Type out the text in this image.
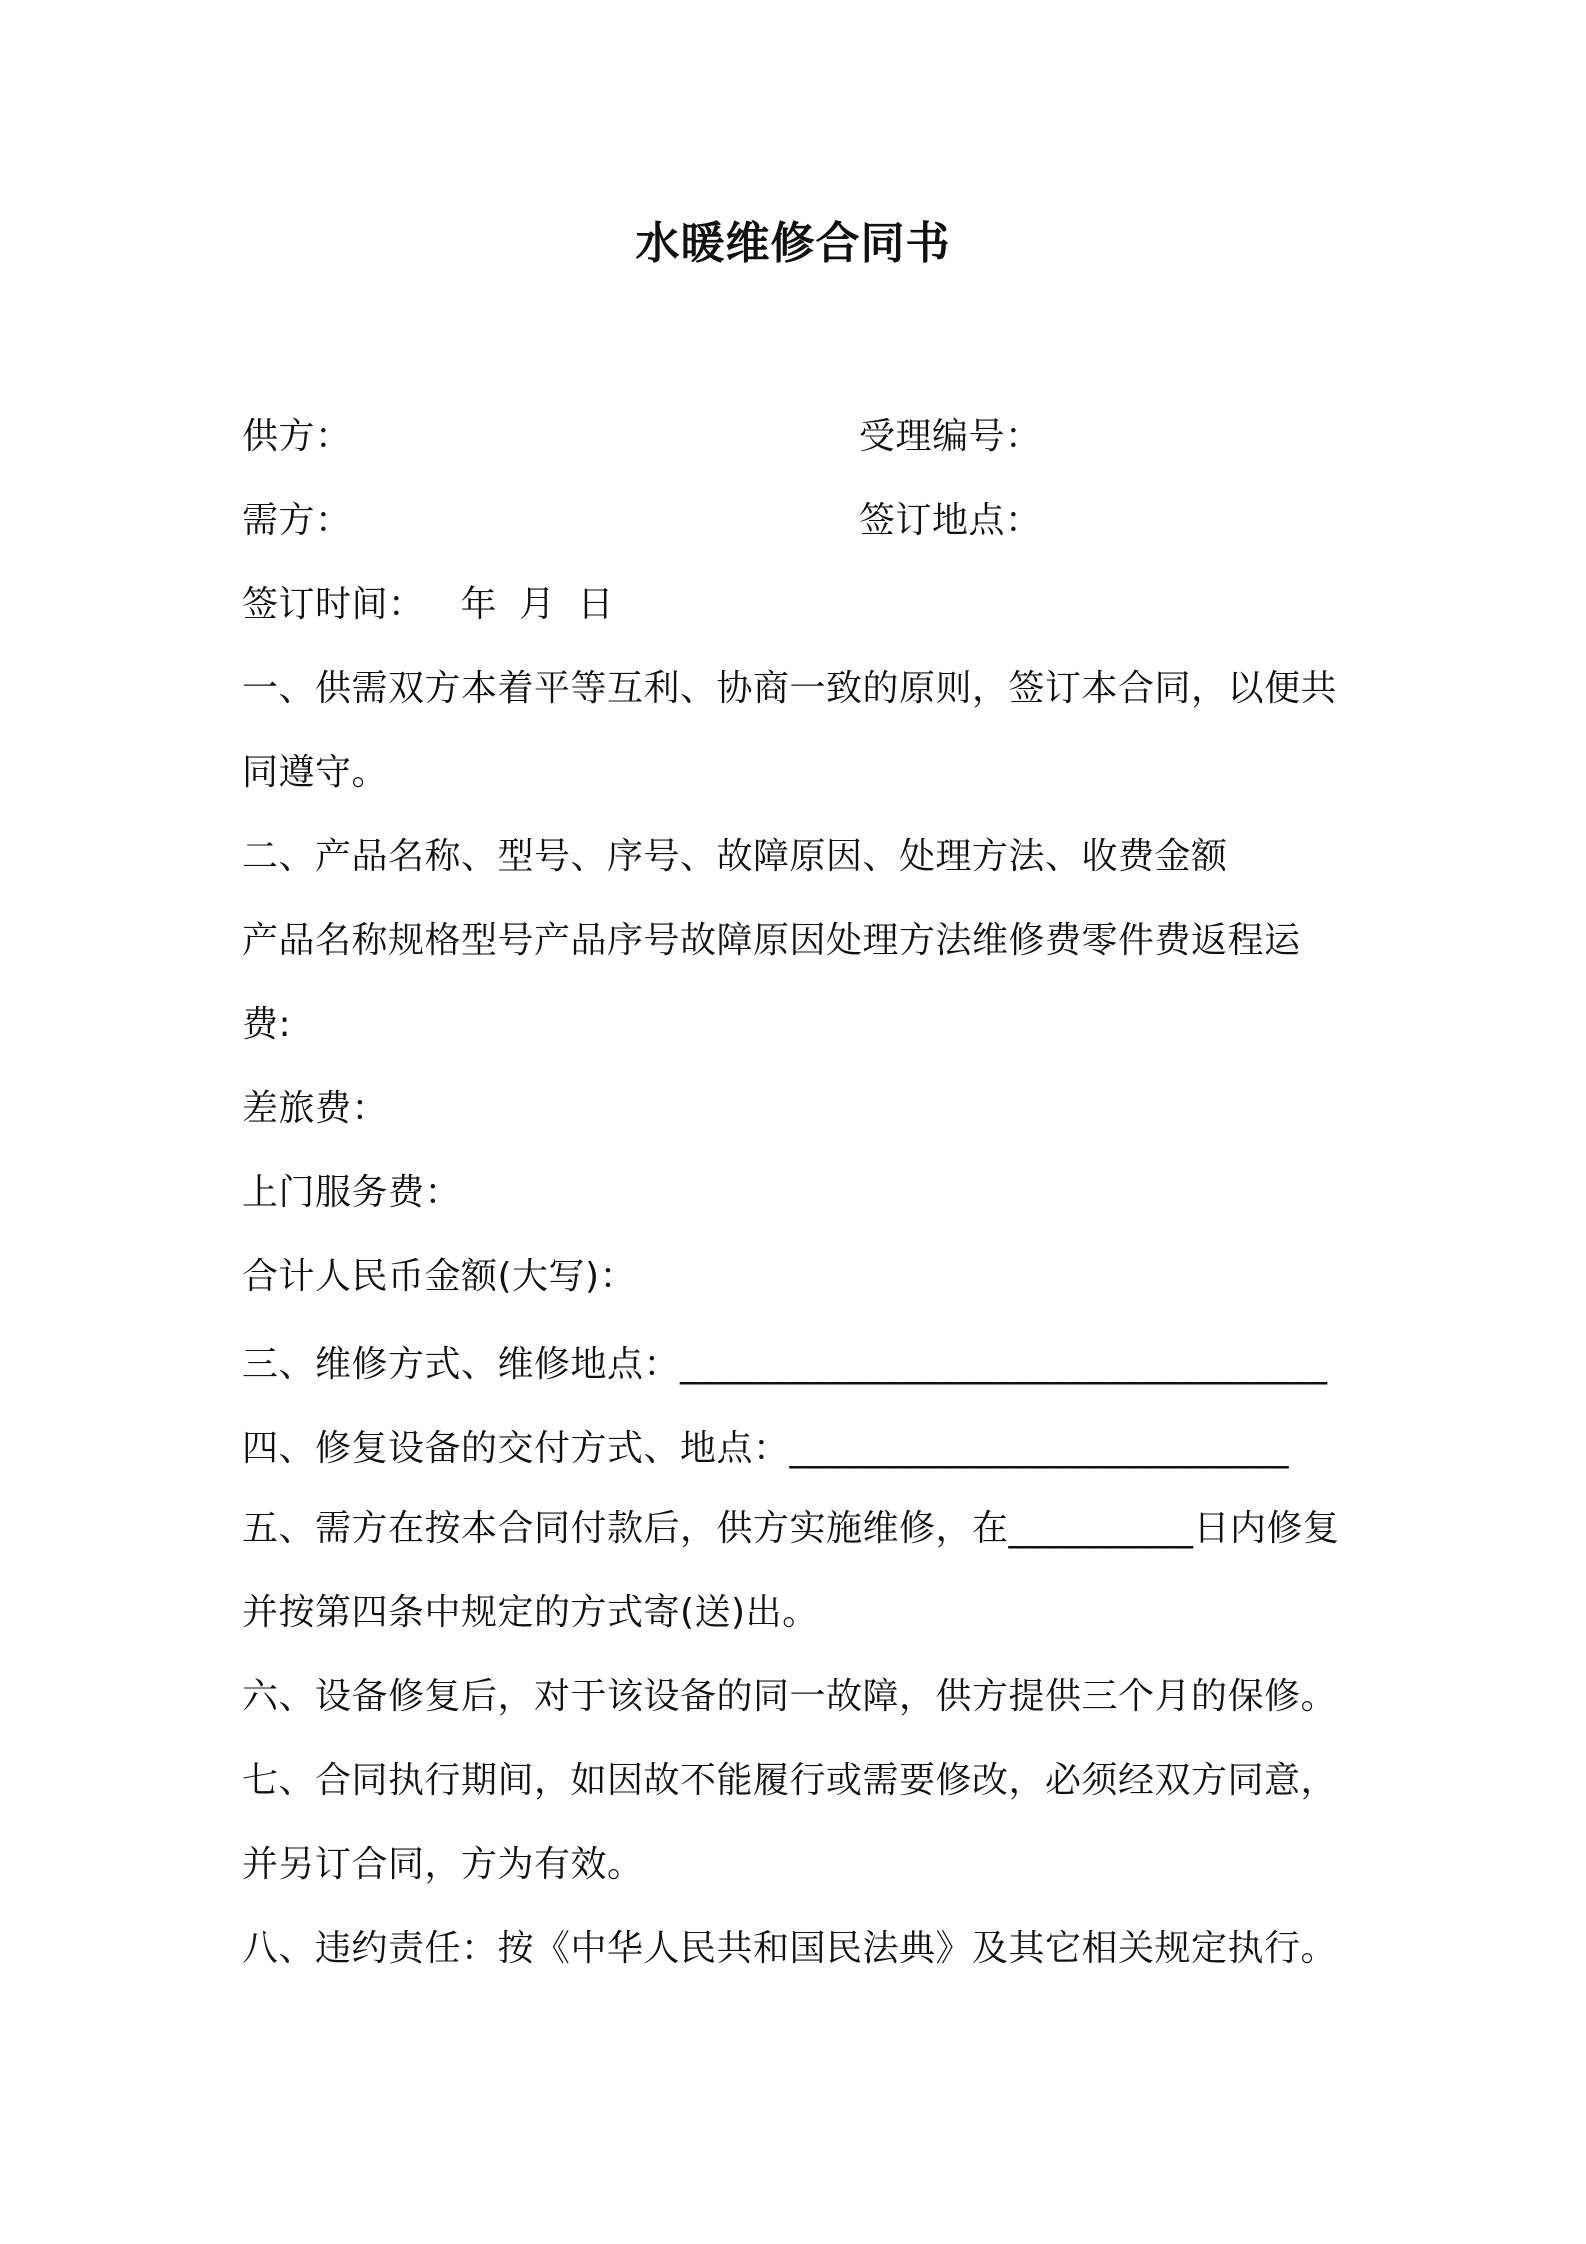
水暖维修合同书
供方：	受理编号：
需方：	签订地点：
签订时间： 年 月 日
一、供需双方本着平等互利、协商一致的原则，签订本合同，以便共
同遵守。
二、产品名称、型号、序号、故障原因、处理方法、收费金额
产品名称规格型号产品序号故障原因处理方法维修费零件费返程运
费:
差旅费：
上门服务费：
合计人民币金额(大写)：
三、维修方式、维修地点：___________________________________
四、修复设备的交付方式、地点：___________________________
五、需方在按本合同付款后，供方实施维修，在__________日内修复
并按第四条中规定的方式寄(送)出。
六、设备修复后，对于该设备的同一故障，供方提供三个月的保修。
七、合同执行期间，如因故不能履行或需要修改，必须经双方同意，
并另订合同，方为有效。
八、违约责任：按《中华人民共和国民法典》及其它相关规定执行。
